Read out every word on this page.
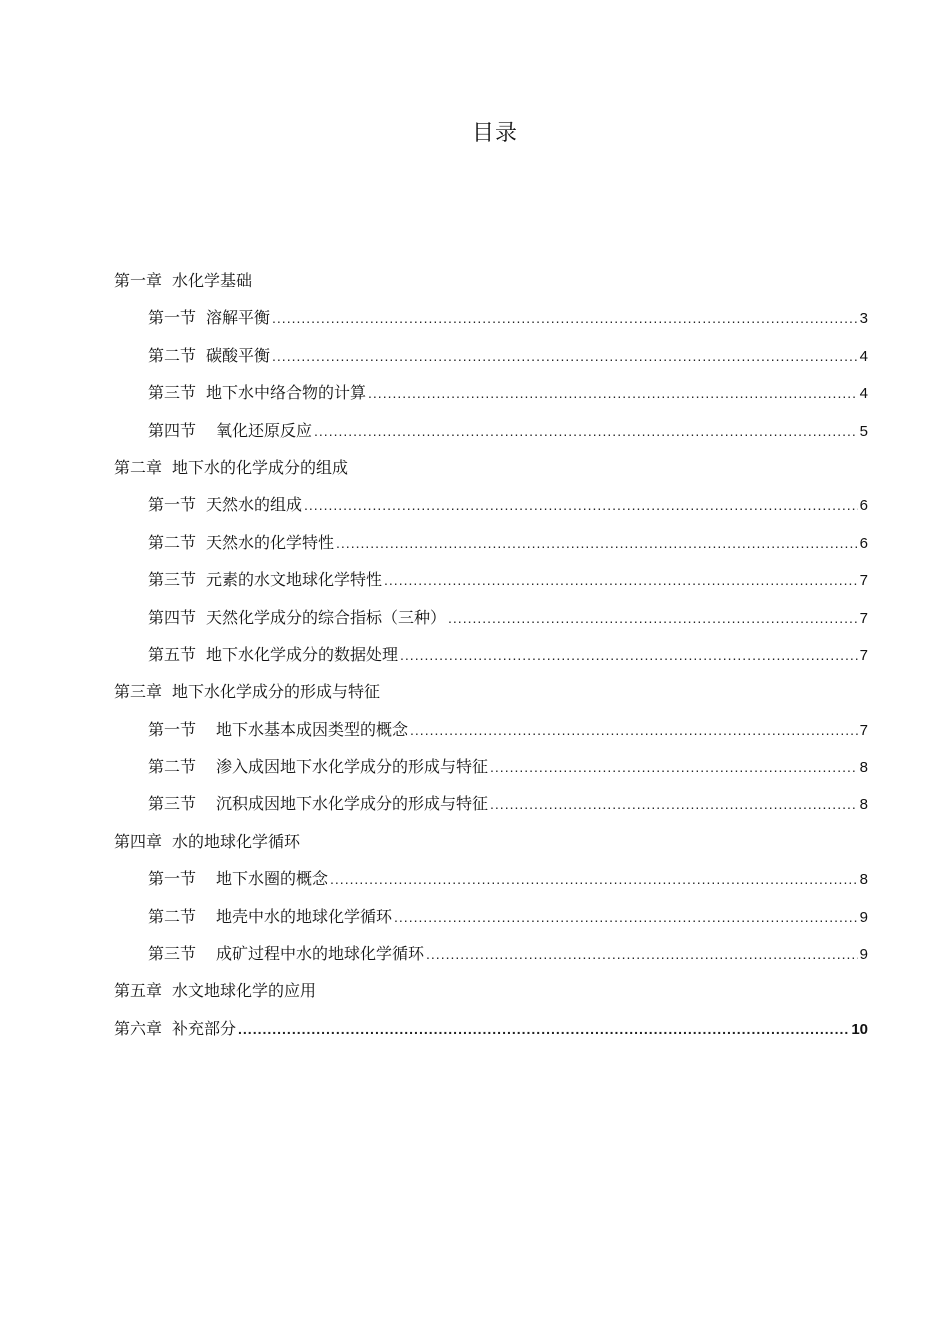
目录
第一章 水化学基础
第一节 溶解平衡 .....	3
第二节 碳酸平衡 .....	4
第三节 地下水中络合物的计算 .....	4
第四节 氧化还原反应 .....	5
第二章 地下水的化学成分的组成
第一节 天然水的组成 .....	6
第二节 天然水的化学特性 .....	6
第三节 元素的水文地球化学特性 .....	7
第四节 天然化学成分的综合指标（三种） .....	7
第五节 地下水化学成分的数据处理 .....	7
第三章 地下水化学成分的形成与特征
第一节 地下水基本成因类型的概念 .....	7
第二节 渗入成因地下水化学成分的形成与特征 .....	8
第三节 沉积成因地下水化学成分的形成与特征 .....	8
第四章 水的地球化学循环
第一节 地下水圈的概念 .....	8
第二节 地壳中水的地球化学循环 .....	9
第三节 成矿过程中水的地球化学循环 .....	9
第五章 水文地球化学的应用
第六章 补充部分 .....	10
